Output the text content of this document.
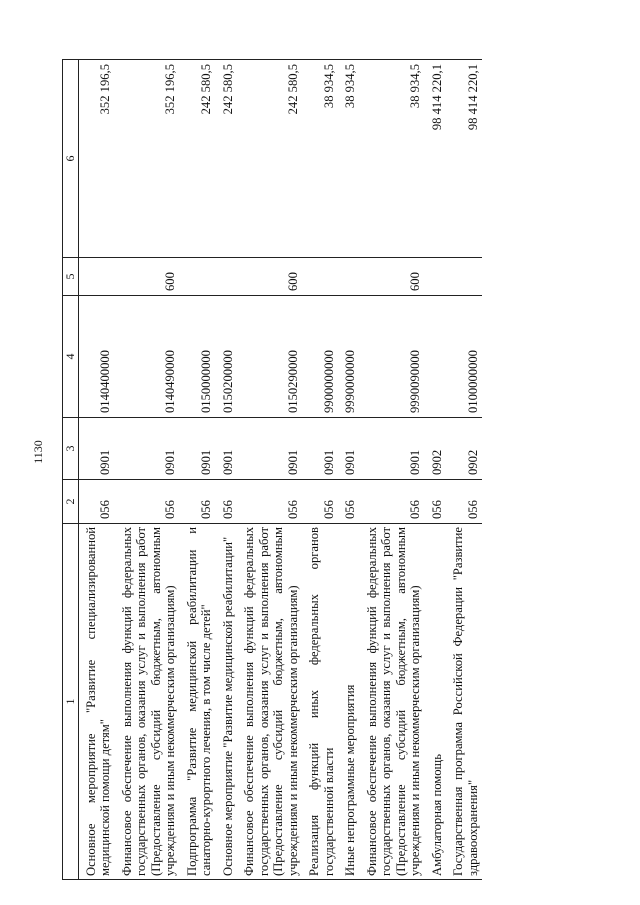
1130
1	2	3	4	5	6
Основное мероприятие "Развитие специализированной медицинской помощи детям"	056	0901	0140400000		352 196,5
Финансовое обеспечение выполнения функций федеральных государственных органов, оказания услуг и выполнения работ (Предоставление субсидий бюджетным, автономным учреждениям и иным некоммерческим организациям)	056	0901	0140490000	600	352 196,5
Подпрограмма "Развитие медицинской реабилитации и санаторно-курортного лечения, в том числе детей"	056	0901	0150000000		242 580,5
Основное мероприятие "Развитие медицинской реабилитации"	056	0901	0150200000		242 580,5
Финансовое обеспечение выполнения функций федеральных государственных органов, оказания услуг и выполнения работ (Предоставление субсидий бюджетным, автономным учреждениям и иным некоммерческим организациям)	056	0901	0150290000	600	242 580,5
Реализация функций иных федеральных органов государственной власти	056	0901	9900000000		38 934,5
Иные непрограммные мероприятия	056	0901	9990000000		38 934,5
Финансовое обеспечение выполнения функций федеральных государственных органов, оказания услуг и выполнения работ (Предоставление субсидий бюджетным, автономным учреждениям и иным некоммерческим организациям)	056	0901	9990090000	600	38 934,5
Амбулаторная помощь	056	0902			98 414 220,1
Государственная программа Российской Федерации "Развитие здравоохранения"	056	0902	0100000000		98 414 220,1
